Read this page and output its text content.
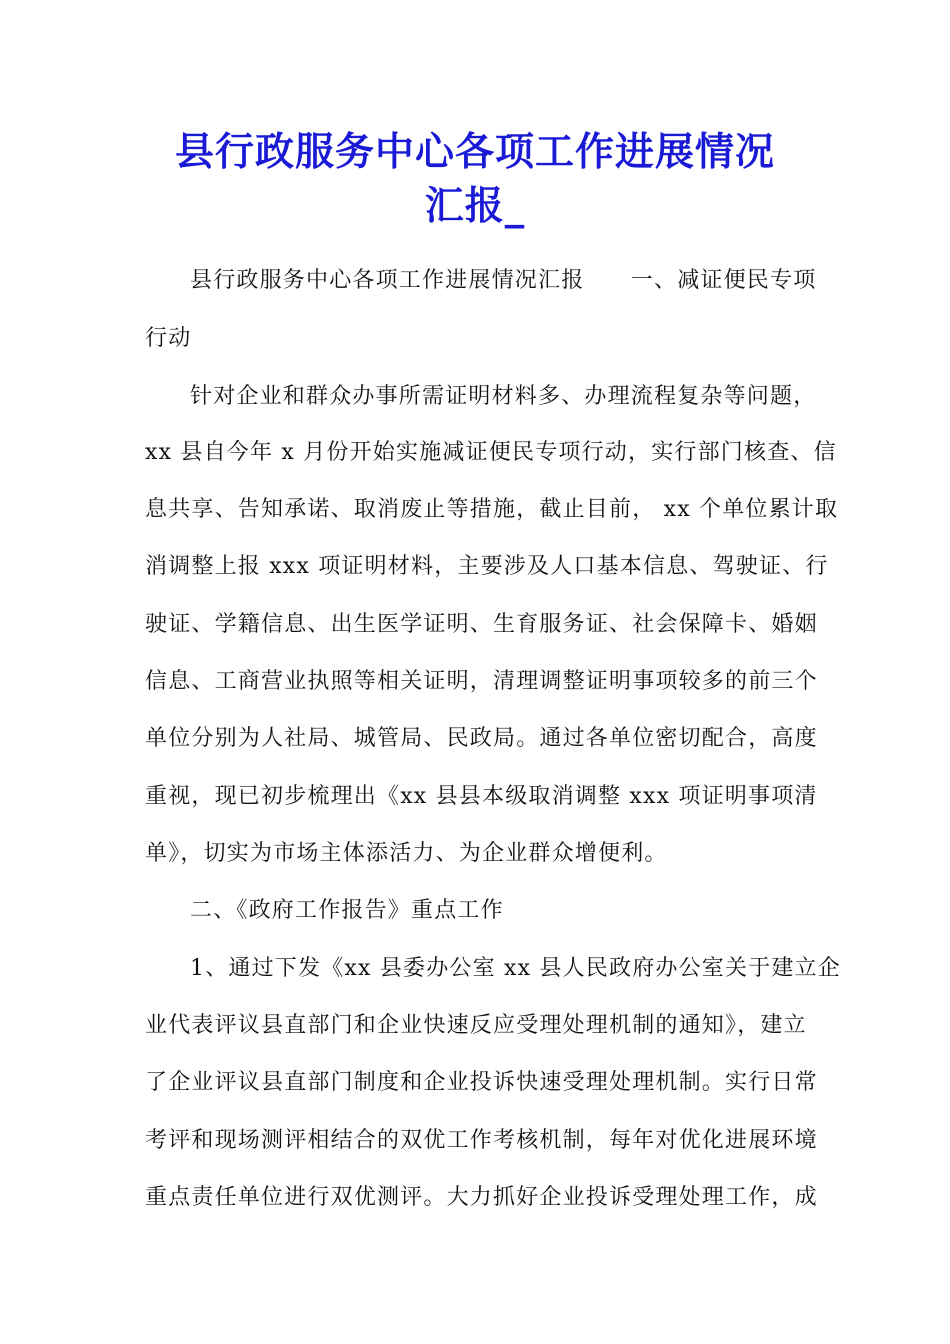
县行政服务中心各项工作进展情况
汇报_
县行政服务中心各项工作进展情况汇报　　一、减证便民专项
行动
针对企业和群众办事所需证明材料多、办理流程复杂等问题，
xx 县自今年 x 月份开始实施减证便民专项行动，实行部门核查、信
息共享、告知承诺、取消废止等措施，截止目前， xx 个单位累计取
消调整上报 xxx 项证明材料，主要涉及人口基本信息、驾驶证、行
驶证、学籍信息、出生医学证明、生育服务证、社会保障卡、婚姻
信息、工商营业执照等相关证明，清理调整证明事项较多的前三个
单位分别为人社局、城管局、民政局。通过各单位密切配合，高度
重视，现已初步梳理出《xx 县县本级取消调整 xxx 项证明事项清
单》，切实为市场主体添活力、为企业群众增便利。
二、《政府工作报告》重点工作
1、通过下发《xx 县委办公室 xx 县人民政府办公室关于建立企
业代表评议县直部门和企业快速反应受理处理机制的通知》，建立
了企业评议县直部门制度和企业投诉快速受理处理机制。实行日常
考评和现场测评相结合的双优工作考核机制，每年对优化进展环境
重点责任单位进行双优测评。大力抓好企业投诉受理处理工作，成
